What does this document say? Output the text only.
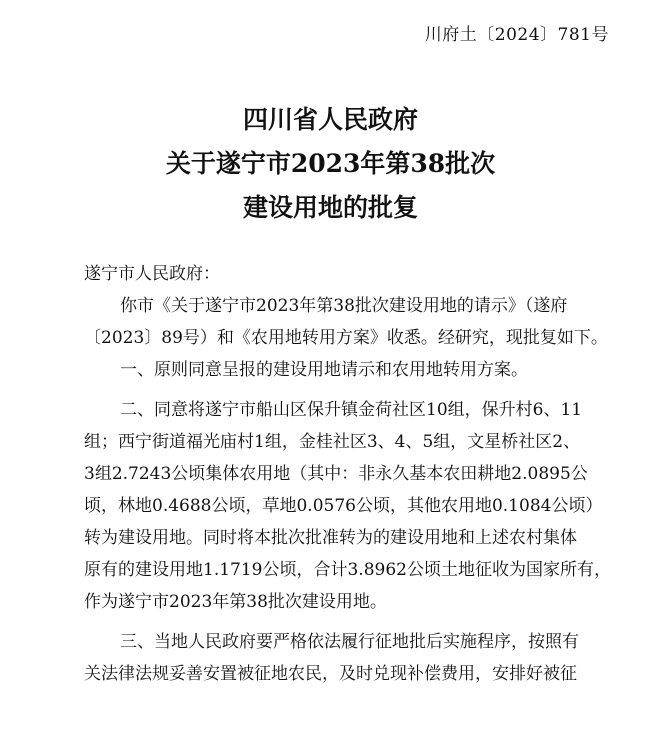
川府土〔2024〕781号
四川省人民政府
关于遂宁市2023年第38批次
建设用地的批复
遂宁市人民政府：
你市《关于遂宁市2023年第38批次建设用地的请示》（遂府
〔2023〕89号）和《农用地转用方案》收悉。经研究，现批复如下。
一、原则同意呈报的建设用地请示和农用地转用方案。
二、同意将遂宁市船山区保升镇金荷社区10组，保升村6、11
组；西宁街道福光庙村1组，金桂社区3、4、5组，文星桥社区2、
3组2.7243公顷集体农用地（其中：非永久基本农田耕地2.0895公
顷，林地0.4688公顷，草地0.0576公顷，其他农用地0.1084公顷）
转为建设用地。同时将本批次批准转为的建设用地和上述农村集体
原有的建设用地1.1719公顷，合计3.8962公顷土地征收为国家所有，
作为遂宁市2023年第38批次建设用地。
三、当地人民政府要严格依法履行征地批后实施程序，按照有
关法律法规妥善安置被征地农民，及时兑现补偿费用，安排好被征
